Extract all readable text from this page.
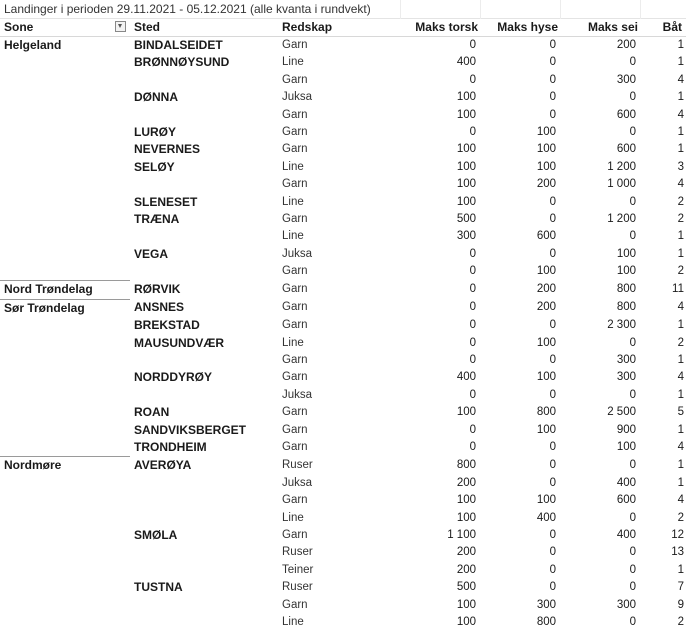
Landinger i perioden 29.11.2021 - 05.12.2021 (alle kvanta i rundvekt)
Sone	Sted	Redskap	Maks torsk	Maks hyse	Maks sei	Båt
Helgeland	BINDALSEIDET	Garn	0	0	200	1
	BRØNNØYSUND	Line	400	0	0	1
		Garn	0	0	300	4
	DØNNA	Juksa	100	0	0	1
		Garn	100	0	600	4
	LURØY	Garn	0	100	0	1
	NEVERNES	Garn	100	100	600	1
	SELØY	Line	100	100	1 200	3
		Garn	100	200	1 000	4
	SLENESET	Line	100	0	0	2
	TRÆNA	Garn	500	0	1 200	2
		Line	300	600	0	1
	VEGA	Juksa	0	0	100	1
		Garn	0	100	100	2
Nord Trøndelag	RØRVIK	Garn	0	200	800	11
Sør Trøndelag	ANSNES	Garn	0	200	800	4
	BREKSTAD	Garn	0	0	2 300	1
	MAUSUNDVÆR	Line	0	100	0	2
		Garn	0	0	300	1
	NORDDYRØY	Garn	400	100	300	4
		Juksa	0	0	0	1
	ROAN	Garn	100	800	2 500	5
	SANDVIKSBERGET	Garn	0	100	900	1
	TRONDHEIM	Garn	0	0	100	4
Nordmøre	AVERØYA	Ruser	800	0	0	1
		Juksa	200	0	400	1
		Garn	100	100	600	4
		Line	100	400	0	2
	SMØLA	Garn	1 100	0	400	12
		Ruser	200	0	0	13
		Teiner	200	0	0	1
	TUSTNA	Ruser	500	0	0	7
		Garn	100	300	300	9
		Line	100	800	0	2
